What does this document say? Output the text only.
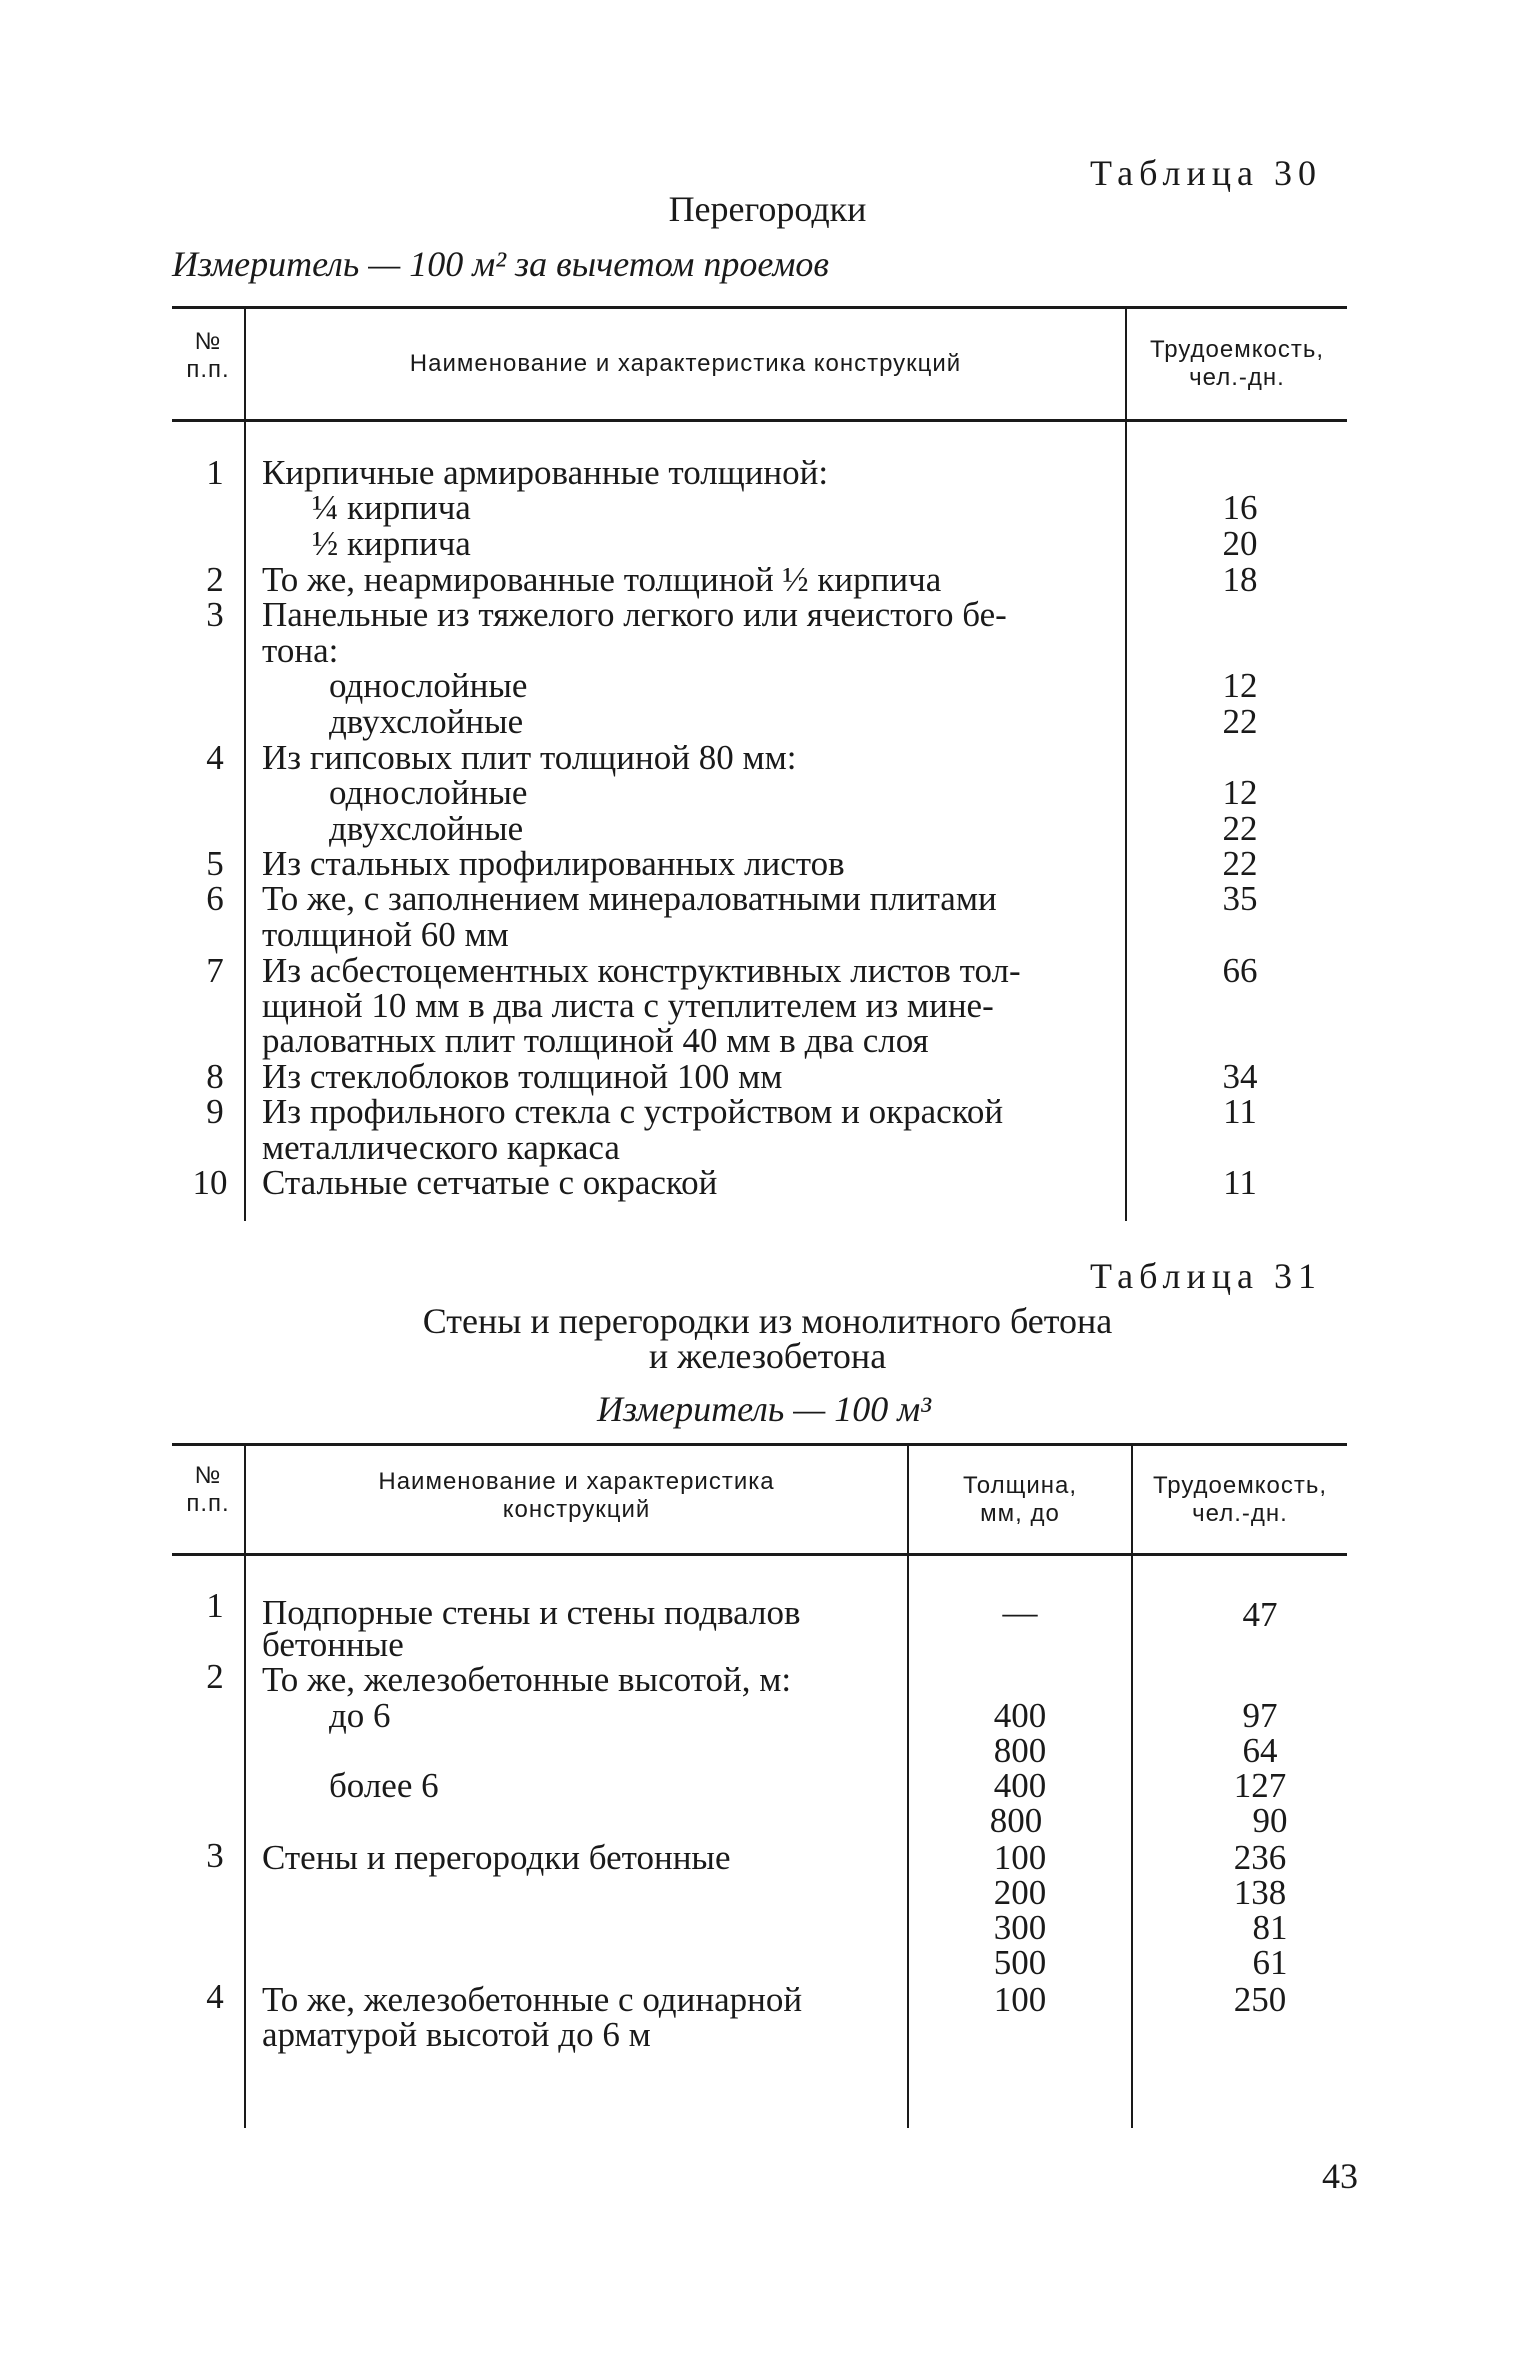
Таблица 30
Перегородки
Измеритель — 100 м² за вычетом проемов
№
п.п.	Наименование и характеристика конструкций
Трудоемкость,
чел.-дн.
1
2
3
4
5
6
7
8
9
10
Кирпичные армированные толщиной:
¼ кирпича
½ кирпича
То же, неармированные толщиной ½ кирпича
Панельные из тяжелого легкого или ячеистого бе-
тона:
однослойные
двухслойные
Из гипсовых плит толщиной 80 мм:
однослойные
двухслойные
Из стальных профилированных листов
То же, с заполнением минераловатными плитами
толщиной 60 мм
Из асбестоцементных конструктивных листов тол-
щиной 10 мм в два листа с утеплителем из мине-
раловатных плит толщиной 40 мм в два слоя
Из стеклоблоков толщиной 100 мм
Из профильного стекла с устройством и окраской
металлического каркаса
Стальные сетчатые с окраской
16
20
18
12
22
12
22
22
35
66
34
11
11
Таблица 31
Стены и перегородки из монолитного бетона
и железобетона
Измеритель — 100 м³
№
п.п.
Наименование и характеристика
конструкций
Толщина,
мм, до
Трудоемкость,
чел.-дн.
1
2
3
4
Подпорные стены и стены подвалов
бетонные
То же, железобетонные высотой, м:
до 6
более 6
Стены и перегородки бетонные
То же, железобетонные с одинарной
арматурой высотой до 6 м
—
400
800
400
800
100
200
300
500
100
47
97
64
127
90
236
138
81
61
250
43
